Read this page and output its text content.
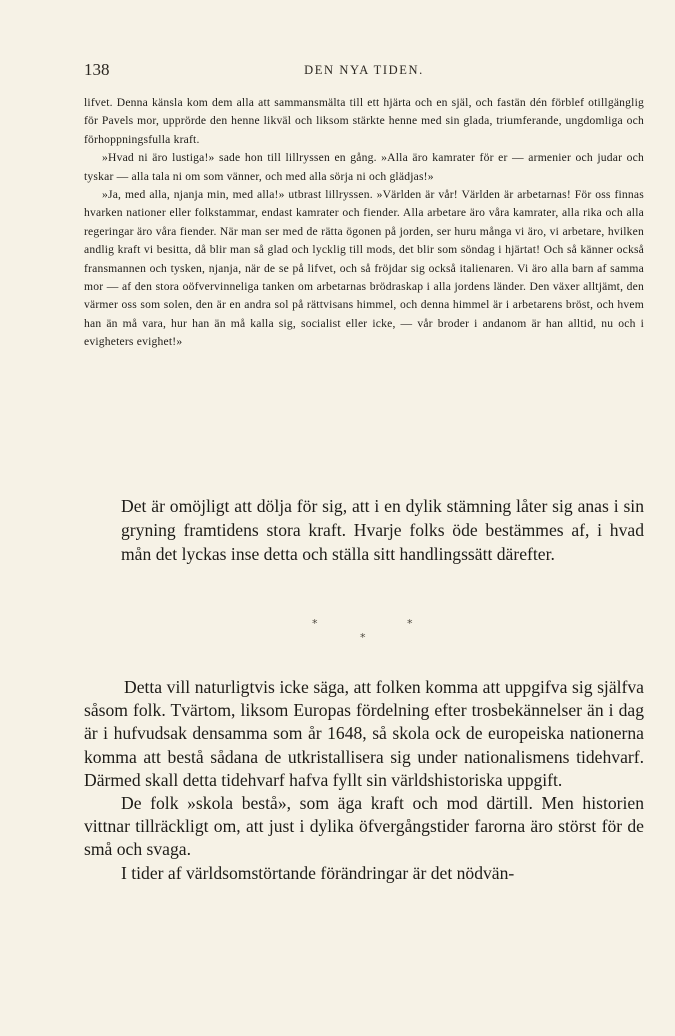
138	DEN NYA TIDEN.

lifvet. Denna känsla kom dem alla att sammansmälta till ett hjärta och en själ, och fastän dén förblef otillgänglig för Pavels mor, upprörde den henne likväl och liksom stärkte henne med sin glada, triumferande, ungdomliga och förhoppningsfulla kraft.

»Hvad ni äro lustiga!» sade hon till lillryssen en gång. »Alla äro kamrater för er — armenier och judar och tyskar — alla tala ni om som vänner, och med alla sörja ni och glädjas!»

»Ja, med alla, njanja min, med alla!» utbrast lillryssen. »Världen är vår! Världen är arbetarnas! För oss finnas hvarken nationer eller folkstammar, endast kamrater och fiender. Alla arbetare äro våra kamrater, alla rika och alla regeringar äro våra fiender. När man ser med de rätta ögonen på jorden, ser huru många vi äro, vi arbetare, hvilken andlig kraft vi besitta, då blir man så glad och lycklig till mods, det blir som söndag i hjärtat! Och så känner också fransmannen och tysken, njanja, när de se på lifvet, och så fröjdar sig också italienaren. Vi äro alla barn af samma mor — af den stora oöfvervinneliga tanken om arbetarnas brödraskap i alla jordens länder. Den växer alltjämt, den värmer oss som solen, den är en andra sol på rättvisans himmel, och denna himmel är i arbetarens bröst, och hvem han än må vara, hur han än må kalla sig, socialist eller icke, — vår broder i andanom är han alltid, nu och i evigheters evighet!»

Det är omöjligt att dölja för sig, att i en dylik stämning låter sig anas i sin gryning framtidens stora kraft. Hvarje folks öde bestämmes af, i hvad mån det lyckas inse detta och ställa sitt handlingssätt därefter.

*	*
*

Detta vill naturligtvis icke säga, att folken komma att uppgifva sig själfva såsom folk. Tvärtom, liksom Europas fördelning efter trosbekännelser än i dag är i hufvudsak densamma som år 1648, så skola ock de europeiska nationerna komma att bestå sådana de utkristallisera sig under nationalismens tidehvarf. Därmed skall detta tidehvarf hafva fyllt sin världshistoriska uppgift.

De folk »skola bestå», som äga kraft och mod därtill. Men historien vittnar tillräckligt om, att just i dylika öfvergångstider farorna äro störst för de små och svaga.

I tider af världsomstörtande förändringar är det nödvän-
